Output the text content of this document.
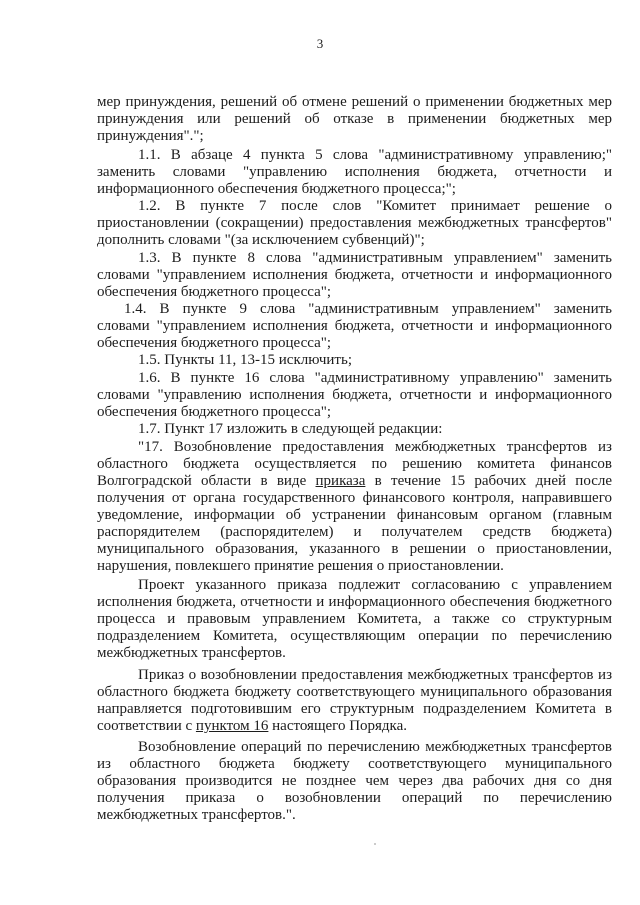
3
мер принуждения, решений об отмене решений о применении бюджетных мер
принуждения или решений об отказе в применении бюджетных мер
принуждения".";
1.1. В абзаце 4 пункта 5 слова "административному управлению;"
заменить словами "управлению исполнения бюджета, отчетности и
информационного обеспечения бюджетного процесса;";
1.2. В пункте 7 после слов "Комитет принимает решение о
приостановлении (сокращении) предоставления межбюджетных трансфертов"
дополнить словами "(за исключением субвенций)";
1.3. В пункте 8 слова "административным управлением" заменить
словами "управлением исполнения бюджета, отчетности и информационного
обеспечения бюджетного процесса";
1.4. В пункте 9 слова "административным управлением" заменить
словами "управлением исполнения бюджета, отчетности и информационного
обеспечения бюджетного процесса";
1.5. Пункты 11, 13-15 исключить;
1.6. В пункте 16 слова "административному управлению" заменить
словами "управлению исполнения бюджета, отчетности и информационного
обеспечения бюджетного процесса";
1.7. Пункт 17 изложить в следующей редакции:
"17. Возобновление предоставления межбюджетных трансфертов из
областного бюджета осуществляется по решению комитета финансов
Волгоградской области в виде приказа в течение 15 рабочих дней после
получения от органа государственного финансового контроля, направившего
уведомление, информации об устранении финансовым органом (главным
распорядителем (распорядителем) и получателем средств бюджета)
муниципального образования, указанного в решении о приостановлении,
нарушения, повлекшего принятие решения о приостановлении.
Проект указанного приказа подлежит согласованию с управлением
исполнения бюджета, отчетности и информационного обеспечения бюджетного
процесса и правовым управлением Комитета, а также со структурным
подразделением Комитета, осуществляющим операции по перечислению
межбюджетных трансфертов.
Приказ о возобновлении предоставления межбюджетных трансфертов из
областного бюджета бюджету соответствующего муниципального образования
направляется подготовившим его структурным подразделением Комитета в
соответствии с пунктом 16 настоящего Порядка.
Возобновление операций по перечислению межбюджетных трансфертов
из областного бюджета бюджету соответствующего муниципального
образования производится не позднее чем через два рабочих дня со дня
получения приказа о возобновлении операций по перечислению
межбюджетных трансфертов.".
